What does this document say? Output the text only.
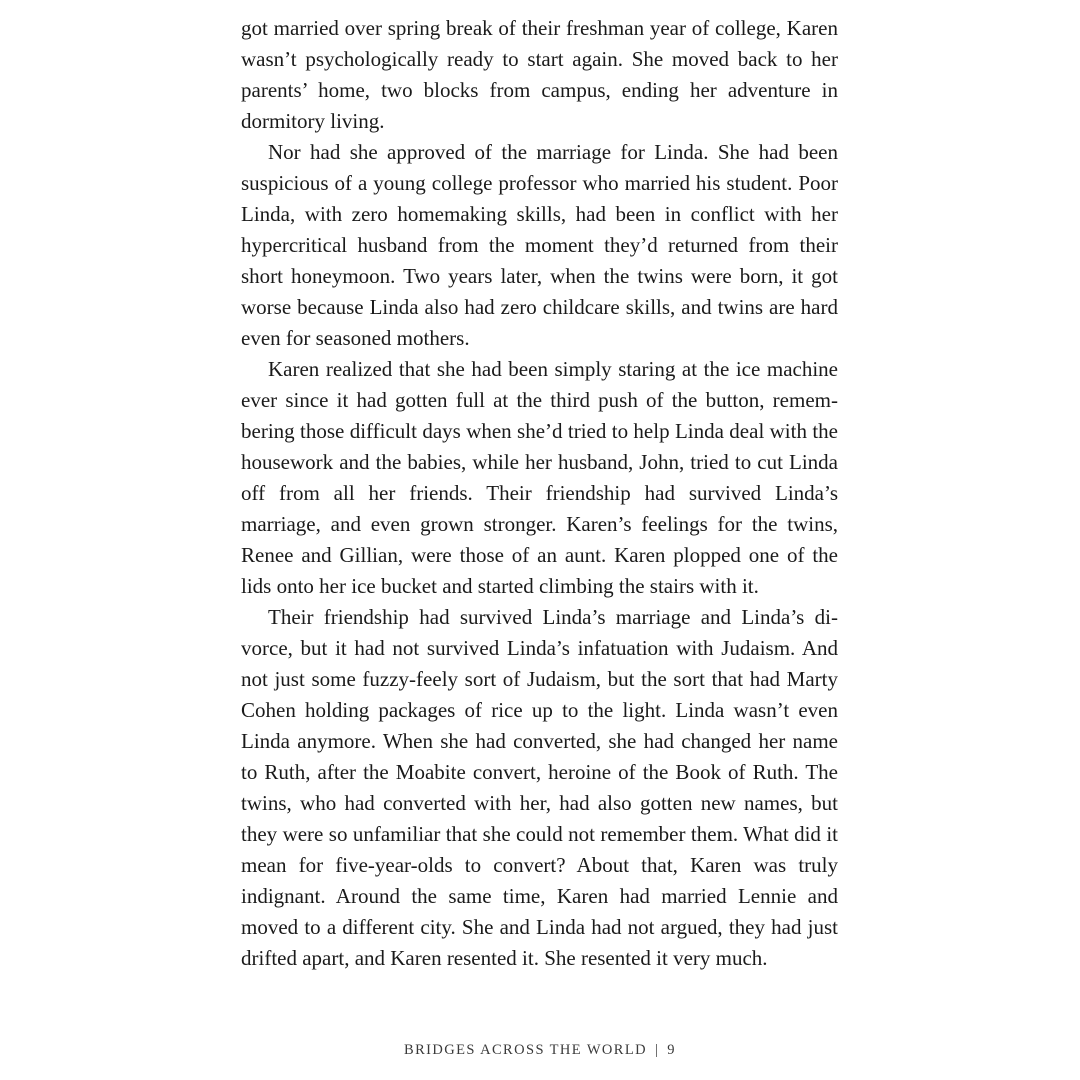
got married over spring break of their freshman year of college, Karen wasn’t psychologically ready to start again. She moved back to her parents’ home, two blocks from campus, ending her adventure in dormitory living.

Nor had she approved of the marriage for Linda. She had been suspicious of a young college professor who married his student. Poor Linda, with zero homemaking skills, had been in conflict with her hypercritical husband from the moment they’d returned from their short honeymoon. Two years later, when the twins were born, it got worse because Linda also had zero childcare skills, and twins are hard even for seasoned mothers.

Karen realized that she had been simply staring at the ice machine ever since it had gotten full at the third push of the button, remembering those difficult days when she’d tried to help Linda deal with the housework and the babies, while her husband, John, tried to cut Linda off from all her friends. Their friendship had survived Linda’s marriage, and even grown stronger. Karen’s feelings for the twins, Renee and Gillian, were those of an aunt. Karen plopped one of the lids onto her ice bucket and started climbing the stairs with it.

Their friendship had survived Linda’s marriage and Linda’s divorce, but it had not survived Linda’s infatuation with Judaism. And not just some fuzzy-feely sort of Judaism, but the sort that had Marty Cohen holding packages of rice up to the light. Linda wasn’t even Linda anymore. When she had converted, she had changed her name to Ruth, after the Moabite convert, heroine of the Book of Ruth. The twins, who had converted with her, had also gotten new names, but they were so unfamiliar that she could not remember them. What did it mean for five-year-olds to convert? About that, Karen was truly indignant. Around the same time, Karen had married Lennie and moved to a different city. She and Linda had not argued, they had just drifted apart, and Karen resented it. She resented it very much.

BRIDGES ACROSS THE WORLD | 9
